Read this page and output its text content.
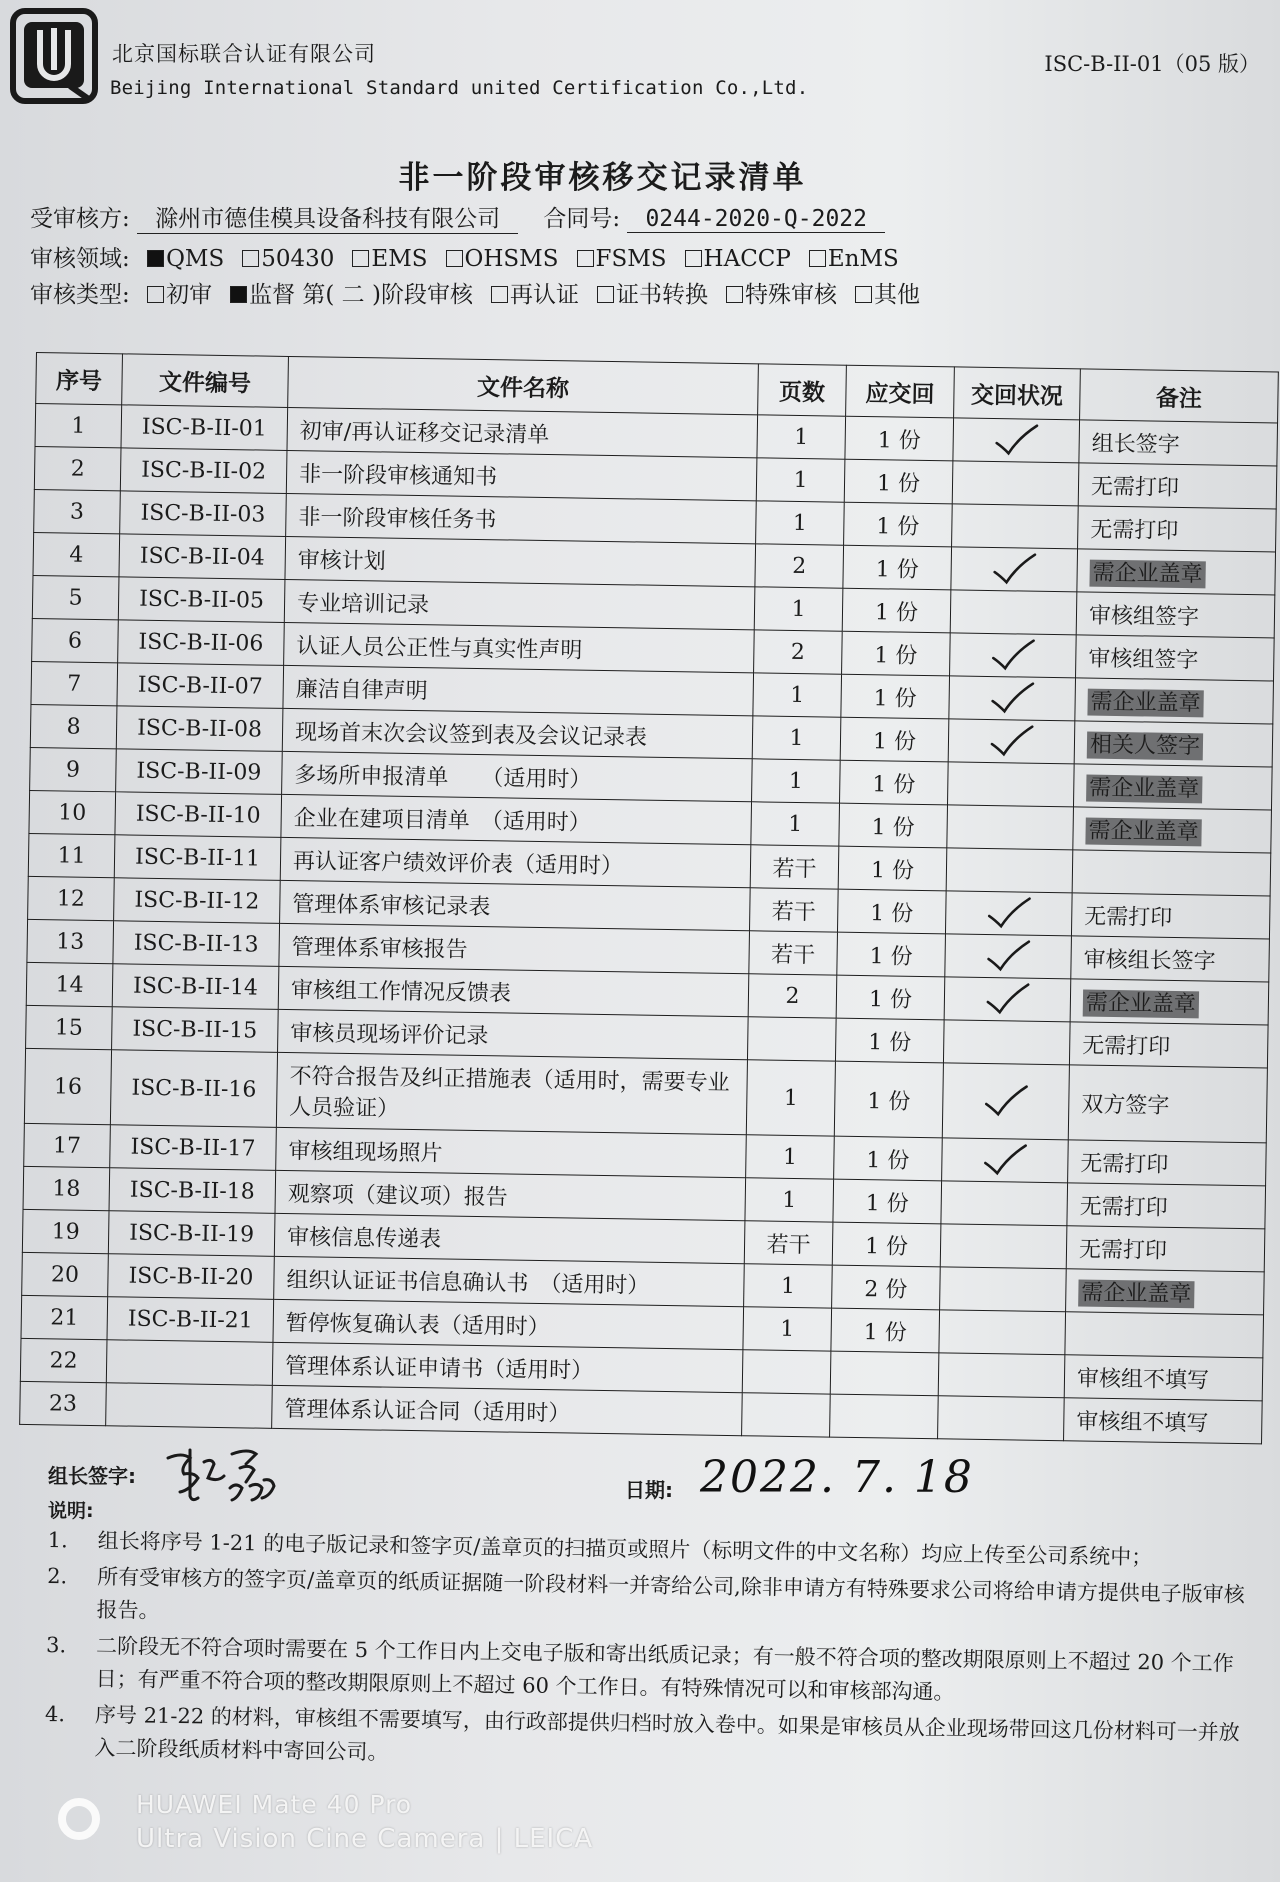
北京国标联合认证有限公司
Beijing International Standard united Certification Co.,Ltd.
ISC-B-II-01（05 版）
非一阶段审核移交记录清单
受审核方: 滁州市德佳模具设备科技有限公司 合同号: 0244-2020-Q-2022
审核领域: QMS 50430 EMS OHSMS FSMS HACCP EnMS
审核类型: 初审 监督 第( 二 )阶段审核 再认证 证书转换 特殊审核 其他
序号	文件编号	文件名称	页数	应交回	交回状况	备注
1	ISC-B-II-01	初审/再认证移交记录清单	1	1 份		组长签字
2	ISC-B-II-02	非一阶段审核通知书	1	1 份		无需打印
3	ISC-B-II-03	非一阶段审核任务书	1	1 份		无需打印
4	ISC-B-II-04	审核计划	2	1 份		需企业盖章
5	ISC-B-II-05	专业培训记录	1	1 份		审核组签字
6	ISC-B-II-06	认证人员公正性与真实性声明	2	1 份		审核组签字
7	ISC-B-II-07	廉洁自律声明	1	1 份		需企业盖章
8	ISC-B-II-08	现场首末次会议签到表及会议记录表	1	1 份		相关人签字
9	ISC-B-II-09	多场所申报清单　　（适用时）	1	1 份		需企业盖章
10	ISC-B-II-10	企业在建项目清单　（适用时）	1	1 份		需企业盖章
11	ISC-B-II-11	再认证客户绩效评价表（适用时）	若干	1 份		
12	ISC-B-II-12	管理体系审核记录表	若干	1 份		无需打印
13	ISC-B-II-13	管理体系审核报告	若干	1 份		审核组长签字
14	ISC-B-II-14	审核组工作情况反馈表	2	1 份		需企业盖章
15	ISC-B-II-15	审核员现场评价记录		1 份		无需打印
16	ISC-B-II-16	不符合报告及纠正措施表（适用时，需要专业人员验证）	1	1 份		双方签字
17	ISC-B-II-17	审核组现场照片	1	1 份		无需打印
18	ISC-B-II-18	观察项（建议项）报告	1	1 份		无需打印
19	ISC-B-II-19	审核信息传递表	若干	1 份		无需打印
20	ISC-B-II-20	组织认证证书信息确认书　（适用时）	1	2 份		需企业盖章
21	ISC-B-II-21	暂停恢复确认表（适用时）	1	1 份		
22		管理体系认证申请书（适用时）				审核组不填写
23		管理体系认证合同（适用时）				审核组不填写
组长签字:
日期: 2022. 7. 18
说明:
1.	组长将序号 1-21 的电子版记录和签字页/盖章页的扫描页或照片（标明文件的中文名称）均应上传至公司系统中；
2.	所有受审核方的签字页/盖章页的纸质证据随一阶段材料一并寄给公司,除非申请方有特殊要求公司将给申请方提供电子版审核报告。
3.	二阶段无不符合项时需要在 5 个工作日内上交电子版和寄出纸质记录；有一般不符合项的整改期限原则上不超过 20 个工作日；有严重不符合项的整改期限原则上不超过 60 个工作日。有特殊情况可以和审核部沟通。
4.	序号 21-22 的材料，审核组不需要填写，由行政部提供归档时放入卷中。如果是审核员从企业现场带回这几份材料可一并放入二阶段纸质材料中寄回公司。
HUAWEI Mate 40 Pro
Ultra Vision Cine Camera | LEICA
